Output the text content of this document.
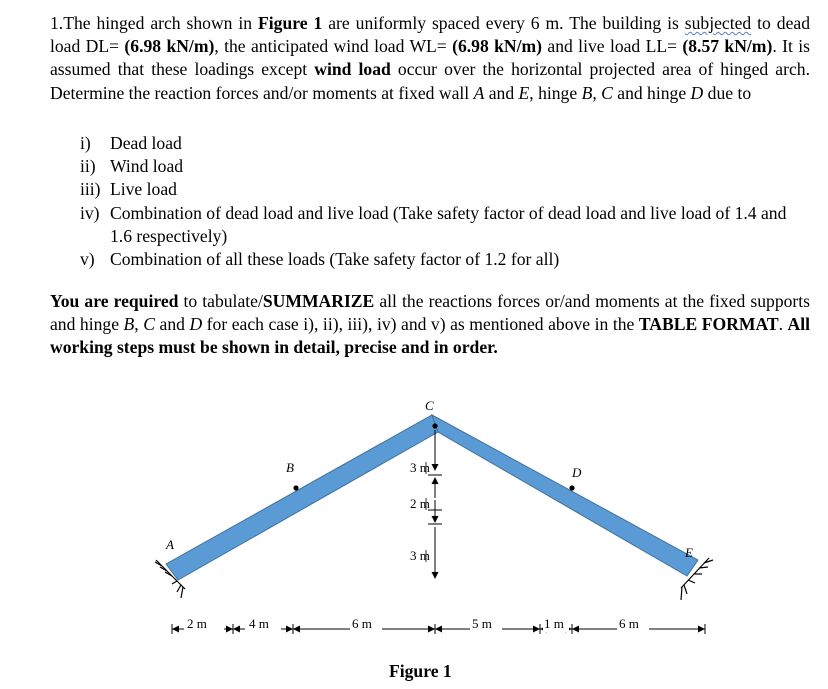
1.The hinged arch shown in Figure 1 are uniformly spaced every 6 m. The building is subjected to dead load DL= (6.98 kN/m), the anticipated wind load WL= (6.98 kN/m) and live load LL= (8.57 kN/m). It is assumed that these loadings except wind load occur over the horizontal projected area of hinged arch. Determine the reaction forces and/or moments at fixed wall A and E, hinge B, C and hinge D due to

i) Dead load
ii) Wind load
iii) Live load
iv) Combination of dead load and live load (Take safety factor of dead load and live load of 1.4 and 1.6 respectively)
v) Combination of all these loads (Take safety factor of 1.2 for all)

You are required to tabulate/SUMMARIZE all the reactions forces or/and moments at the fixed supports and hinge B, C and D for each case i), ii), iii), iv) and v) as mentioned above in the TABLE FORMAT. All working steps must be shown in detail, precise and in order.

A
B
C
D
E
3 m
2 m
3 m
2 m	4 m	6 m	5 m	1 m	6 m
Figure 1
